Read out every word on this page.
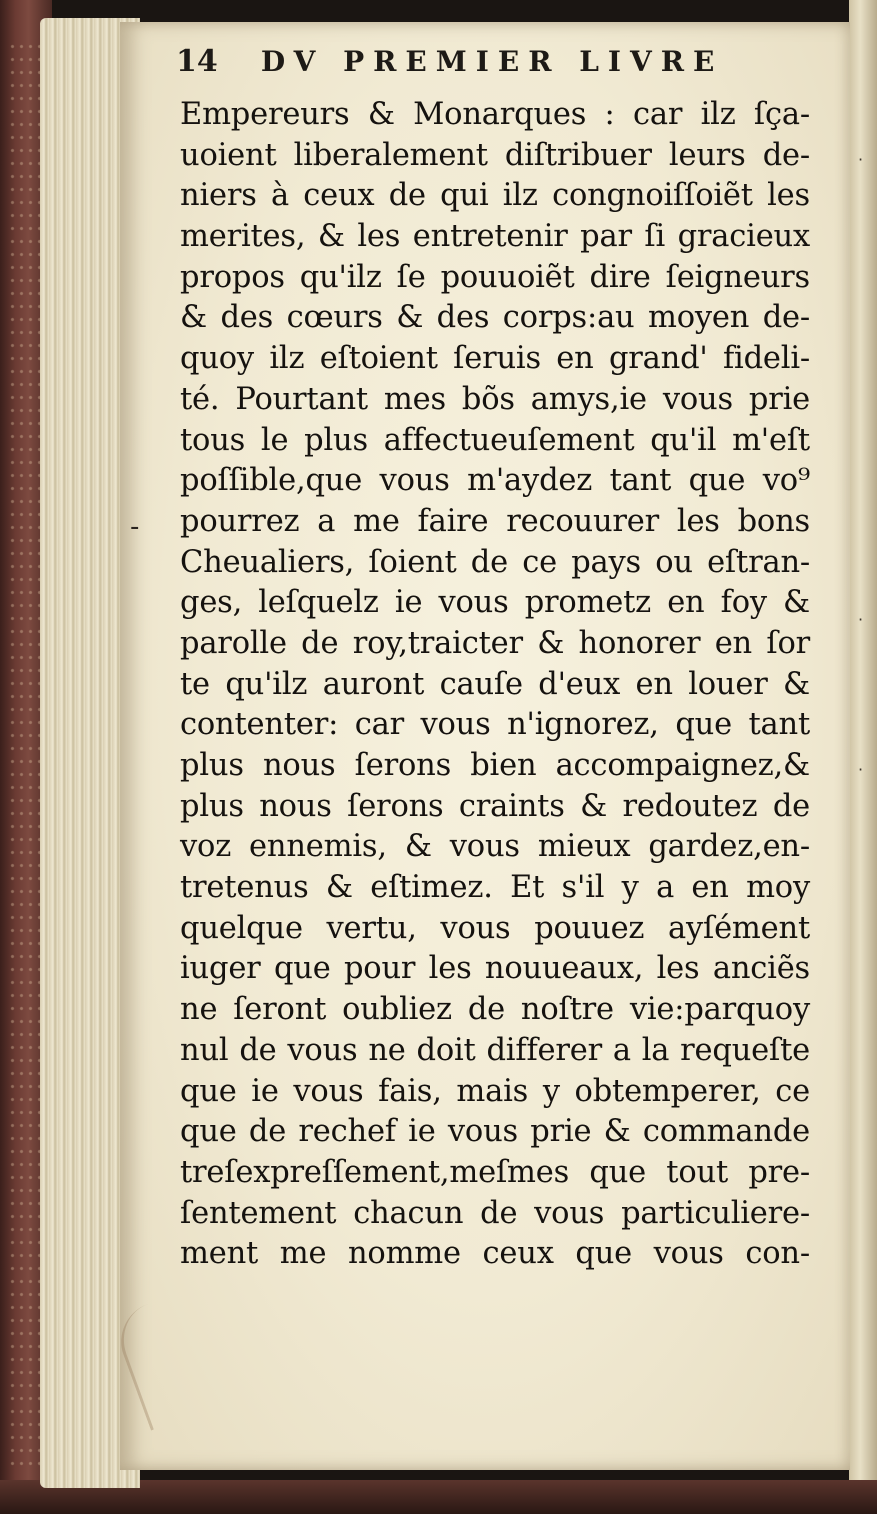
14 DV PREMIER LIVRE
-
·
·
·
Empereurs & Monarques : car ilz ſça-
uoient liberalement diſtribuer leurs de-
niers à ceux de qui ilz congnoiſſoiẽt les
merites, & les entretenir par ſi gracieux
propos qu'ilz ſe pouuoiẽt dire ſeigneurs
& des cœurs & des corps:au moyen de-
quoy ilz eſtoient ſeruis en grand' fideli-
té. Pourtant mes bõs amys,ie vous prie
tous le plus affectueuſement qu'il m'eſt
poſſible,que vous m'aydez tant que vo⁹
pourrez a me faire recouurer les bons
Cheualiers, ſoient de ce pays ou eſtran-
ges, leſquelz ie vous prometz en foy &
parolle de roy,traicter & honorer en ſor
te qu'ilz auront cauſe d'eux en louer &
contenter: car vous n'ignorez, que tant
plus nous ſerons bien accompaignez,&
plus nous ſerons craints & redoutez de
voz ennemis, & vous mieux gardez,en-
tretenus & eſtimez. Et s'il y a en moy
quelque vertu, vous pouuez ayſément
iuger que pour les nouueaux, les anciẽs
ne ſeront oubliez de noſtre vie:parquoy
nul de vous ne doit differer a la requeſte
que ie vous fais, mais y obtemperer, ce
que de rechef ie vous prie & commande
treſexpreſſement,meſmes que tout pre-
ſentement chacun de vous particuliere-
ment me nomme ceux que vous con-
